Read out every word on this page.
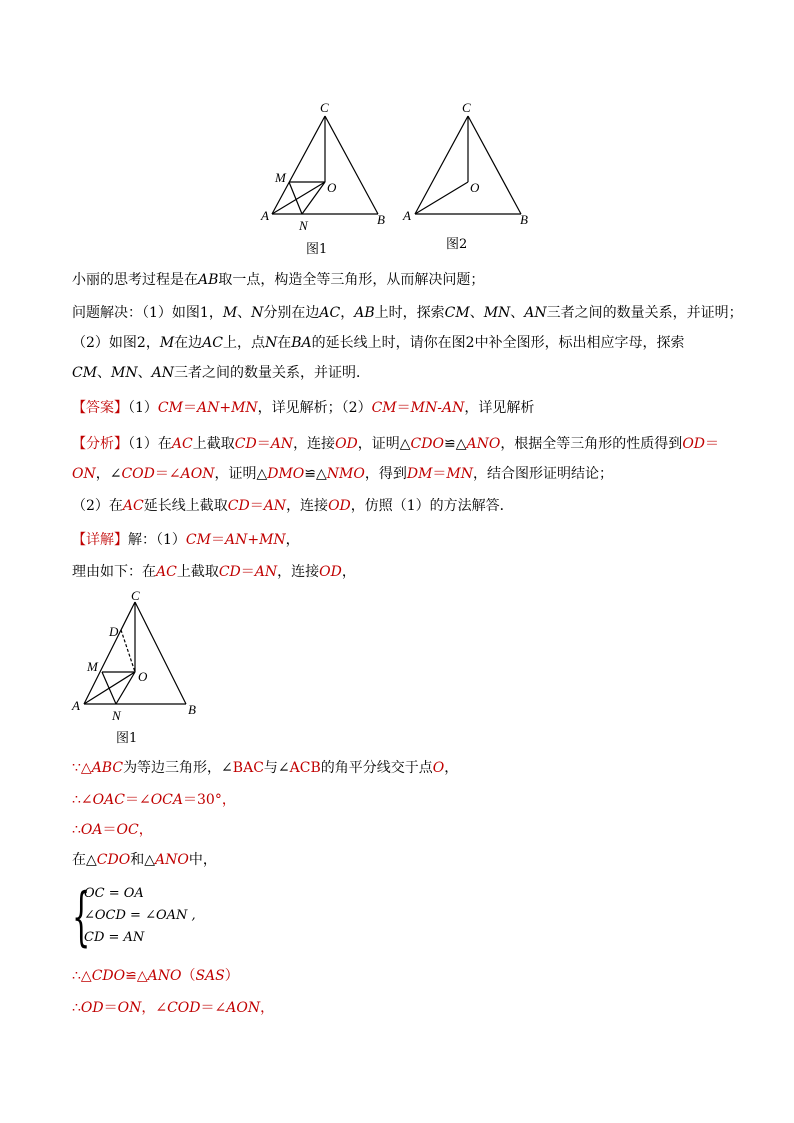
C
M
O
A
N	B
图1
C
O
A	B
图2
小丽的思考过程是在AB取一点，构造全等三角形，从而解决问题；
问题解决：（1）如图1，M、N分别在边AC，AB上时，探索CM、MN、AN三者之间的数量关系，并证明；
（2）如图2，M在边AC上，点N在BA的延长线上时，请你在图2中补全图形，标出相应字母，探索
CM、MN、AN三者之间的数量关系，并证明．
【答案】（1）CM＝AN+MN，详见解析；（2）CM＝MN-AN，详见解析
【分析】（1）在AC上截取CD＝AN，连接OD，证明△CDO≌△ANO，根据全等三角形的性质得到OD＝
ON，∠COD＝∠AON，证明△DMO≌△NMO，得到DM＝MN，结合图形证明结论；
（2）在AC延长线上截取CD＝AN，连接OD，仿照（1）的方法解答．
【详解】解：（1）CM＝AN+MN，
理由如下：在AC上截取CD＝AN，连接OD，
C
D
M
O
A
N	B
图1
∵△ABC为等边三角形，∠BAC与∠ACB的角平分线交于点O，
∴∠OAC＝∠OCA＝30°，
∴OA＝OC，
在△CDO和△ANO中，
{
OC = OA
∠OCD = ∠OAN ,
CD = AN
∴△CDO≌△ANO（SAS）
∴OD＝ON，∠COD＝∠AON，
